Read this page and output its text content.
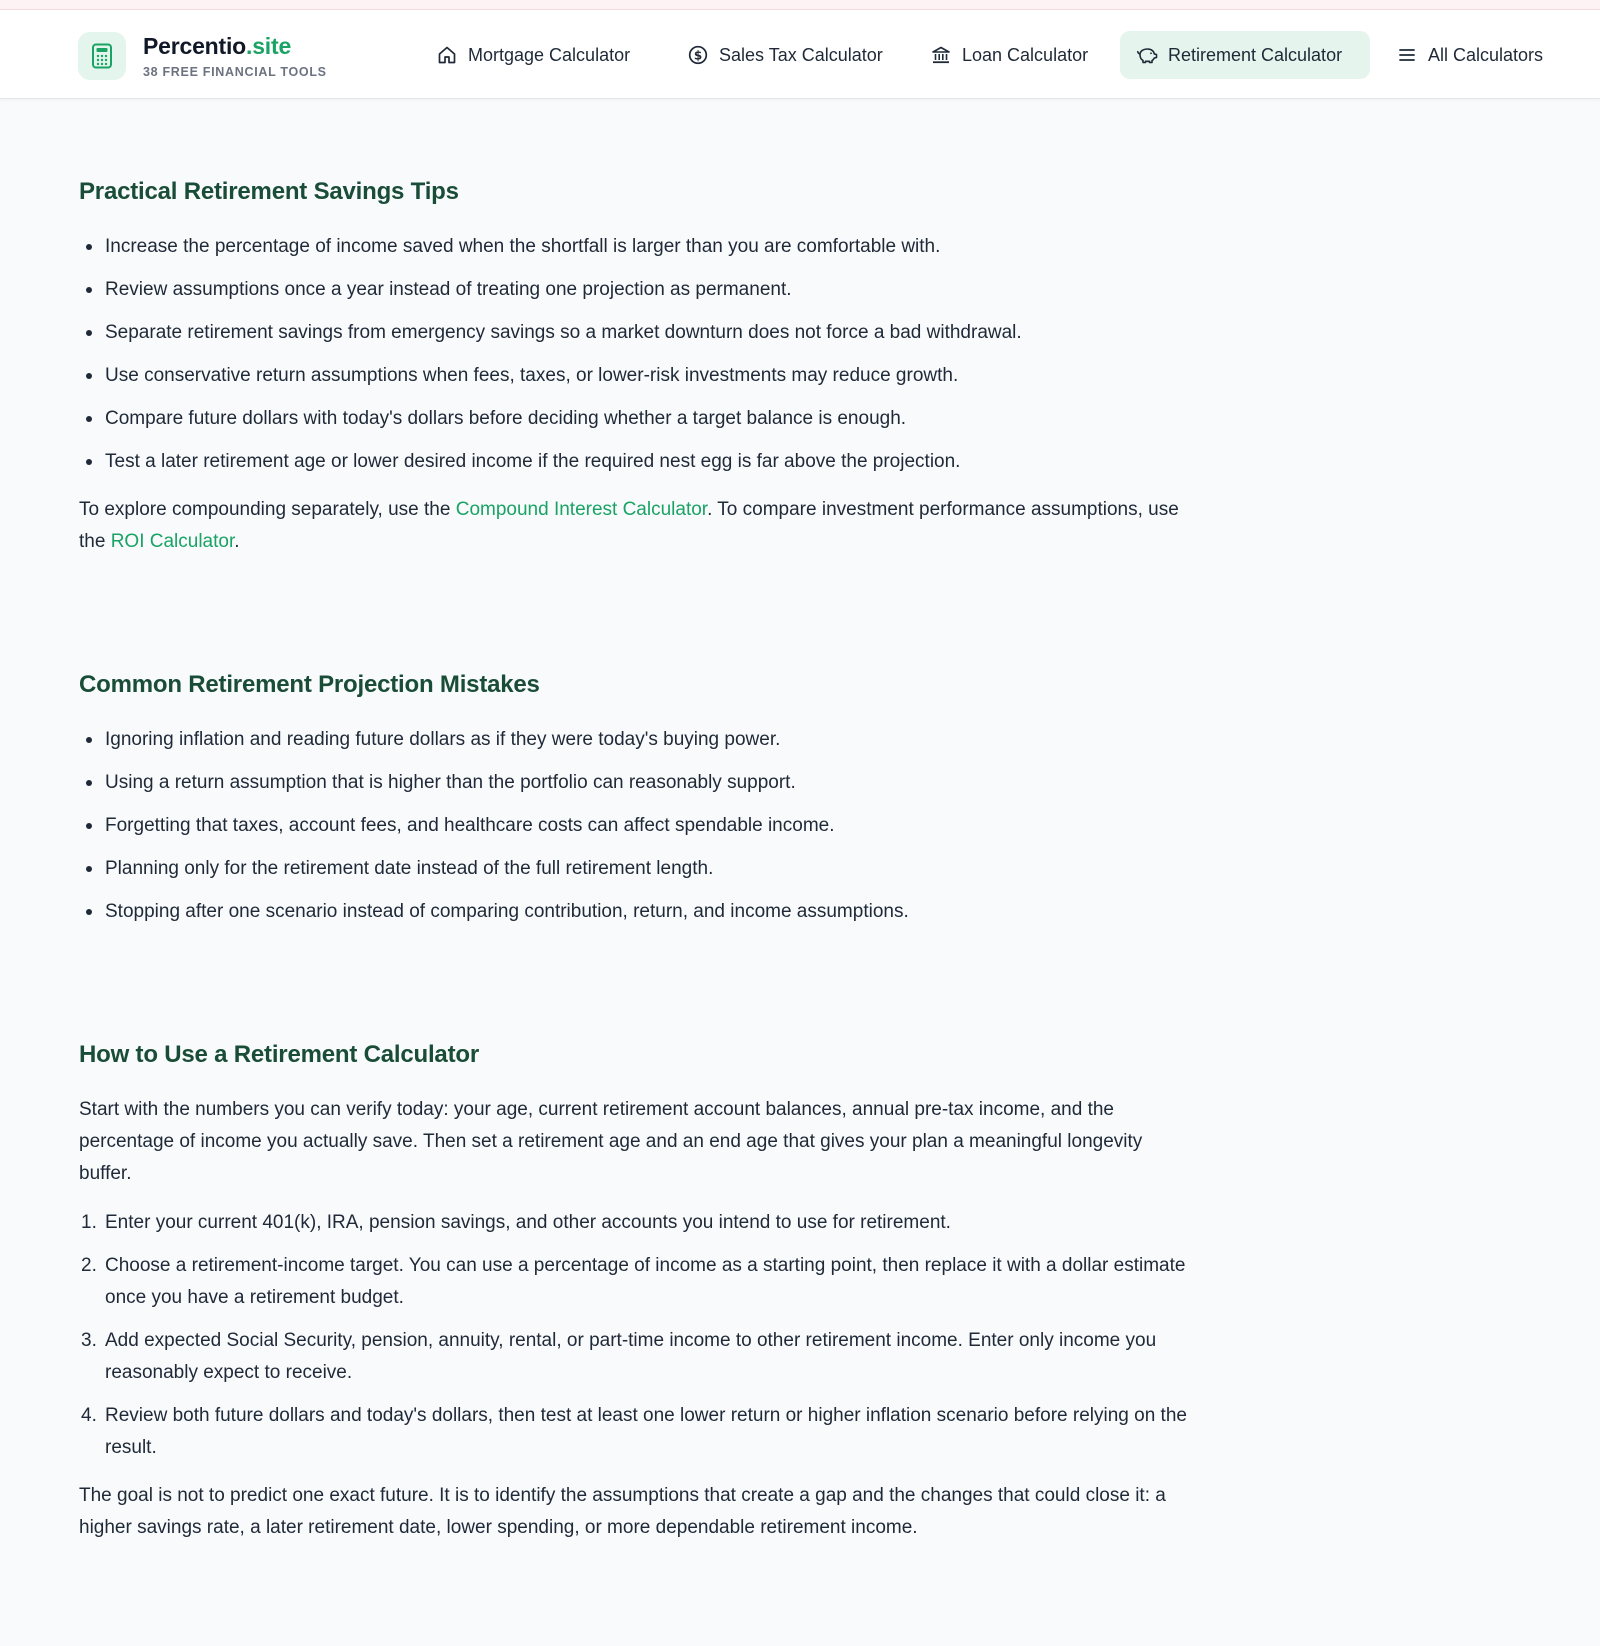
Percentio.site
38 FREE FINANCIAL TOOLS
Mortgage Calculator	$ Sales Tax Calculator	Loan Calculator	Retirement Calculator	All Calculators
Practical Retirement Savings Tips
Increase the percentage of income saved when the shortfall is larger than you are comfortable with.
Review assumptions once a year instead of treating one projection as permanent.
Separate retirement savings from emergency savings so a market downturn does not force a bad withdrawal.
Use conservative return assumptions when fees, taxes, or lower-risk investments may reduce growth.
Compare future dollars with today's dollars before deciding whether a target balance is enough.
Test a later retirement age or lower desired income if the required nest egg is far above the projection.

To explore compounding separately, use the Compound Interest Calculator. To compare investment performance assumptions, use the ROI Calculator.

Common Retirement Projection Mistakes
Ignoring inflation and reading future dollars as if they were today's buying power.
Using a return assumption that is higher than the portfolio can reasonably support.
Forgetting that taxes, account fees, and healthcare costs can affect spendable income.
Planning only for the retirement date instead of the full retirement length.
Stopping after one scenario instead of comparing contribution, return, and income assumptions.
How to Use a Retirement Calculator

Start with the numbers you can verify today: your age, current retirement account balances, annual pre-tax income, and the percentage of income you actually save. Then set a retirement age and an end age that gives your plan a meaningful longevity buffer.

1. Enter your current 401(k), IRA, pension savings, and other accounts you intend to use for retirement.
2. Choose a retirement-income target. You can use a percentage of income as a starting point, then replace it with a dollar estimate once you have a retirement budget.
3. Add expected Social Security, pension, annuity, rental, or part-time income to other retirement income. Enter only income you reasonably expect to receive.
4. Review both future dollars and today's dollars, then test at least one lower return or higher inflation scenario before relying on the result.

The goal is not to predict one exact future. It is to identify the assumptions that create a gap and the changes that could close it: a higher savings rate, a later retirement date, lower spending, or more dependable retirement income.
